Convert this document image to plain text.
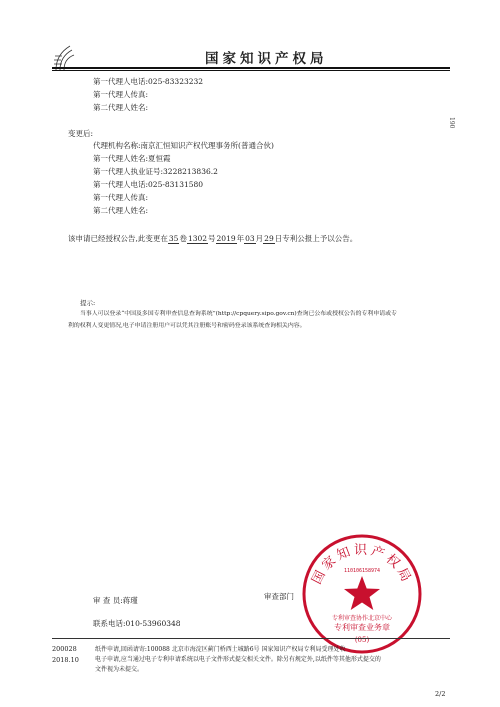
国家知识产权局
第一代理人电话:025-83323232
第一代理人传真:
第二代理人姓名:
190
变更后:
代理机构名称:南京汇恒知识产权代理事务所(普通合伙)
第一代理人姓名:夏恒霞
第一代理人执业证号:3228213836.2
第一代理人电话:025-83131580
第一代理人传真:
第二代理人姓名:
该申请已经授权公告,此变更在35卷1302号2019年03月29日专利公报上予以公告。
提示:
当事人可以登录“中国及多国专利审查信息查询系统”(http://cpquery.sipo.gov.cn)查询已公布或授权公告的专利申请或专
利的权利人变更情况,电子申请注册用户可以凭其注册账号和密码登录该系统查询相关内容。
国家知识产权局
110106158974
专利审查协作北京中心
专利审查业务章
(05)
审 查 员:蒋瑾	审查部门
联系电话:010-53960348
200028
2018.10
纸件申请,回函请寄:100088 北京市海淀区蓟门桥西土城路6号 国家知识产权局专利局受理处收
电子申请,应当通过电子专利申请系统以电子文件形式提交相关文件。除另有规定外,以纸件等其他形式提交的
文件视为未提交。
2/2
